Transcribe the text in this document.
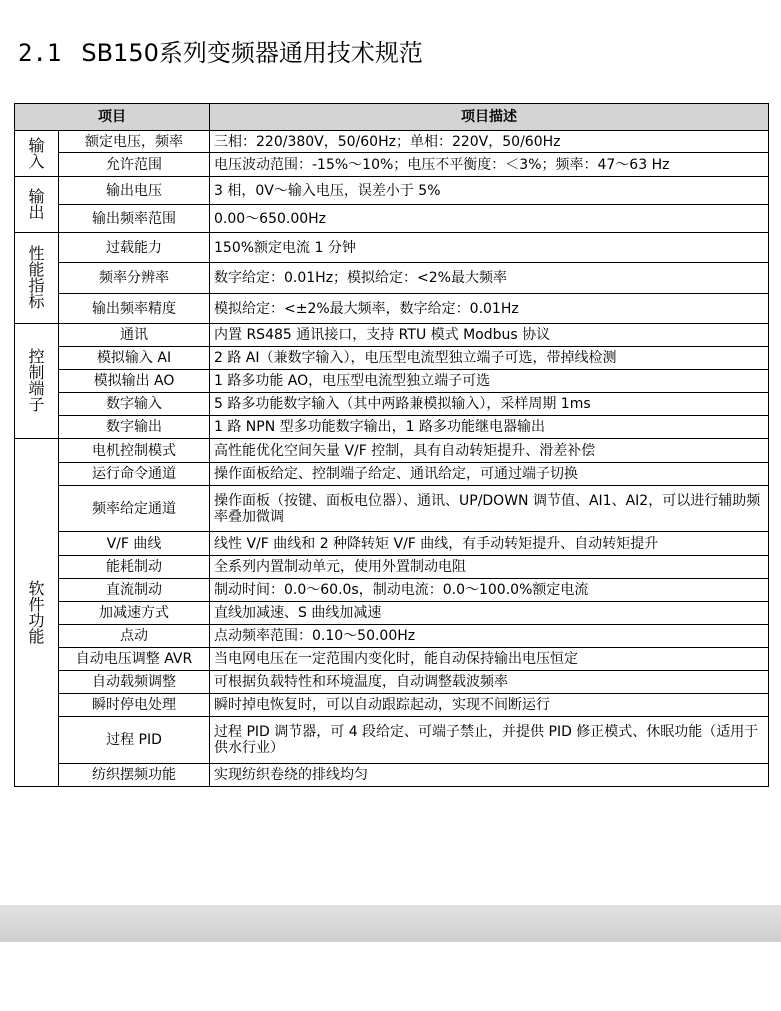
2.1 SB150系列变频器通用技术规范
项目		项目描述

输
入	额定电压，频率	三相：220/380V，50/60Hz；单相：220V，50/60Hz
	允许范围	电压波动范围：-15%～10%；电压不平衡度：＜3%；频率：47～63 Hz

输
出	输出电压	3 相，0V～输入电压，误差小于 5%
	输出频率范围	0.00～650.00Hz

性
能
指
标	过载能力	150%额定电流 1 分钟
	频率分辨率	数字给定：0.01Hz；模拟给定：<2%最大频率
	输出频率精度	模拟给定：<±2%最大频率，数字给定：0.01Hz

控
制
端
子	通讯	内置 RS485 通讯接口，支持 RTU 模式 Modbus 协议
	模拟输入 AI	2 路 AI（兼数字输入），电压型电流型独立端子可选，带掉线检测
	模拟输出 AO	1 路多功能 AO，电压型电流型独立端子可选
	数字输入	5 路多功能数字输入（其中两路兼模拟输入），采样周期 1ms
	数字输出	1 路 NPN 型多功能数字输出，1 路多功能继电器输出

软
件
功
能	电机控制模式	高性能优化空间矢量 V/F 控制，具有自动转矩提升、滑差补偿
	运行命令通道	操作面板给定、控制端子给定、通讯给定，可通过端子切换
	频率给定通道	操作面板（按键、面板电位器）、通讯、UP/DOWN 调节值、AI1、AI2，可以进行辅助频率叠加微调
	V/F 曲线	线性 V/F 曲线和 2 种降转矩 V/F 曲线，有手动转矩提升、自动转矩提升
	能耗制动	全系列内置制动单元，使用外置制动电阻
	直流制动	制动时间：0.0～60.0s，制动电流：0.0～100.0%额定电流
	加减速方式	直线加减速、S 曲线加减速
	点动	点动频率范围：0.10～50.00Hz
	自动电压调整 AVR	当电网电压在一定范围内变化时，能自动保持输出电压恒定
	自动载频调整	可根据负载特性和环境温度，自动调整载波频率
	瞬时停电处理	瞬时掉电恢复时，可以自动跟踪起动，实现不间断运行
	过程 PID	过程 PID 调节器，可 4 段给定、可端子禁止，并提供 PID 修正模式、休眠功能（适用于供水行业）
	纺织摆频功能	实现纺织卷绕的排线均匀
